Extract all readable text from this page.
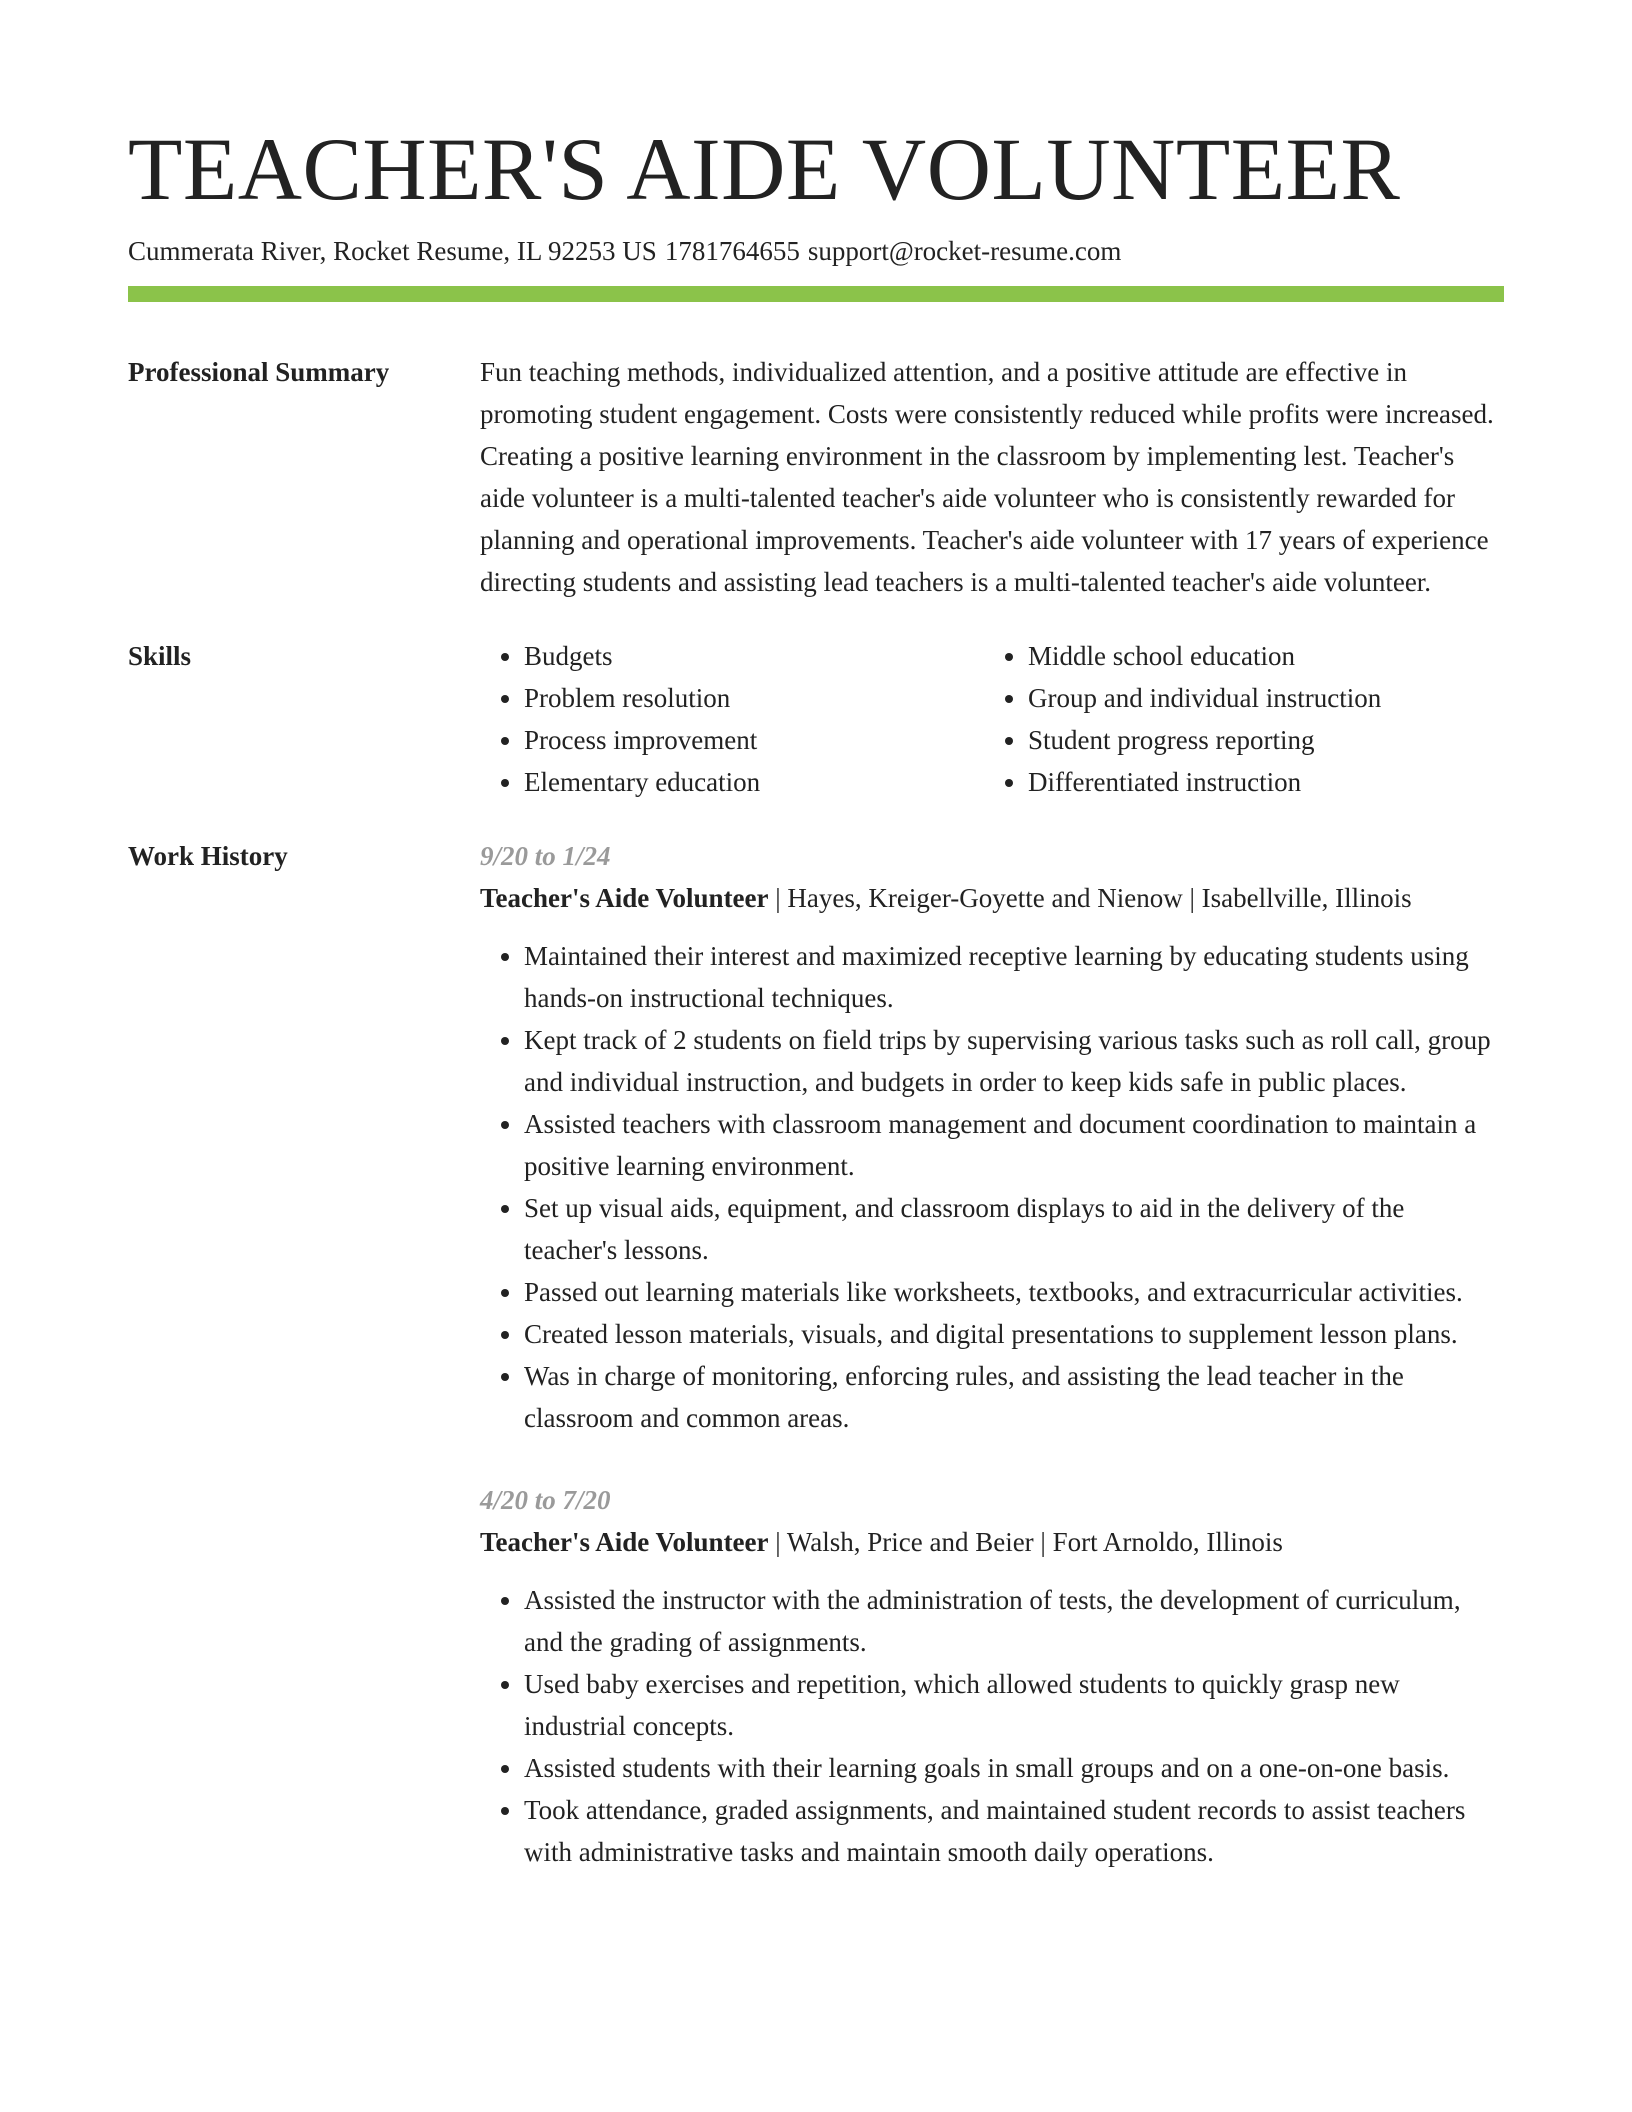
TEACHER'S AIDE VOLUNTEER
Cummerata River, Rocket Resume, IL 92253 US 1781764655 support@rocket-resume.com
Professional Summary	Fun teaching methods, individualized attention, and a positive attitude are effective in promoting student engagement. Costs were consistently reduced while profits were increased. Creating a positive learning environment in the classroom by implementing lest. Teacher's aide volunteer is a multi-talented teacher's aide volunteer who is consistently rewarded for planning and operational improvements. Teacher's aide volunteer with 17 years of experience directing students and assisting lead teachers is a multi-talented teacher's aide volunteer.
Skills
•	Budgets
• Problem resolution
• Process improvement
• Elementary education
• Middle school education
• Group and individual instruction
• Student progress reporting
• Differentiated instruction
Work History	9/20 to 1/24
Teacher's Aide Volunteer | Hayes, Kreiger-Goyette and Nienow | Isabellville, Illinois
• Maintained their interest and maximized receptive learning by educating students using hands-on instructional techniques.
• Kept track of 2 students on field trips by supervising various tasks such as roll call, group and individual instruction, and budgets in order to keep kids safe in public places.
• Assisted teachers with classroom management and document coordination to maintain a positive learning environment.
• Set up visual aids, equipment, and classroom displays to aid in the delivery of the teacher's lessons.
• Passed out learning materials like worksheets, textbooks, and extracurricular activities.
• Created lesson materials, visuals, and digital presentations to supplement lesson plans.
• Was in charge of monitoring, enforcing rules, and assisting the lead teacher in the classroom and common areas.
4/20 to 7/20
Teacher's Aide Volunteer | Walsh, Price and Beier | Fort Arnoldo, Illinois
• Assisted the instructor with the administration of tests, the development of curriculum, and the grading of assignments.
• Used baby exercises and repetition, which allowed students to quickly grasp new industrial concepts.
• Assisted students with their learning goals in small groups and on a one-on-one basis.
• Took attendance, graded assignments, and maintained student records to assist teachers with administrative tasks and maintain smooth daily operations.
